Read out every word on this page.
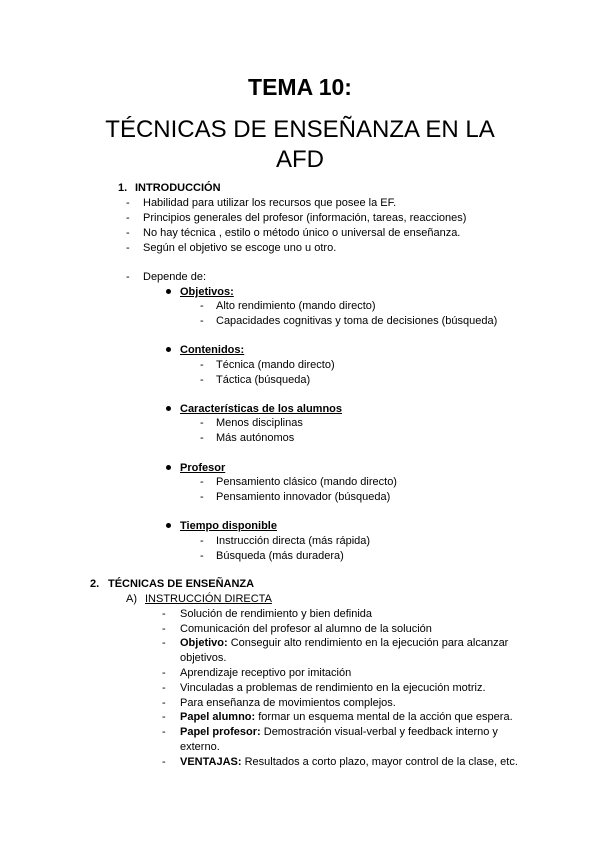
TEMA 10:
TÉCNICAS DE ENSEÑANZA EN LA
AFD
1. INTRODUCCIÓN
- Habilidad para utilizar los recursos que posee la EF.
- Principios generales del profesor (información, tareas, reacciones)
- No hay técnica , estilo o método único o universal de enseñanza.
- Según el objetivo se escoge uno u otro.
- Depende de:
Objetivos:
- Alto rendimiento (mando directo)
- Capacidades cognitivas y toma de decisiones (búsqueda)
Contenidos:
- Técnica (mando directo)
- Táctica (búsqueda)
Características de los alumnos
- Menos disciplinas
- Más autónomos
Profesor
- Pensamiento clásico (mando directo)
- Pensamiento innovador (búsqueda)
Tiempo disponible
- Instrucción directa (más rápida)
- Búsqueda (más duradera)
2. TÉCNICAS DE ENSEÑANZA
A) INSTRUCCIÓN DIRECTA
- Solución de rendimiento y bien definida
- Comunicación del profesor al alumno de la solución
- Objetivo: Conseguir alto rendimiento en la ejecución para alcanzar
objetivos.
- Aprendizaje receptivo por imitación
- Vinculadas a problemas de rendimiento en la ejecución motriz.
- Para enseñanza de movimientos complejos.
- Papel alumno: formar un esquema mental de la acción que espera.
- Papel profesor: Demostración visual-verbal y feedback interno y
externo.
- VENTAJAS: Resultados a corto plazo, mayor control de la clase, etc.
